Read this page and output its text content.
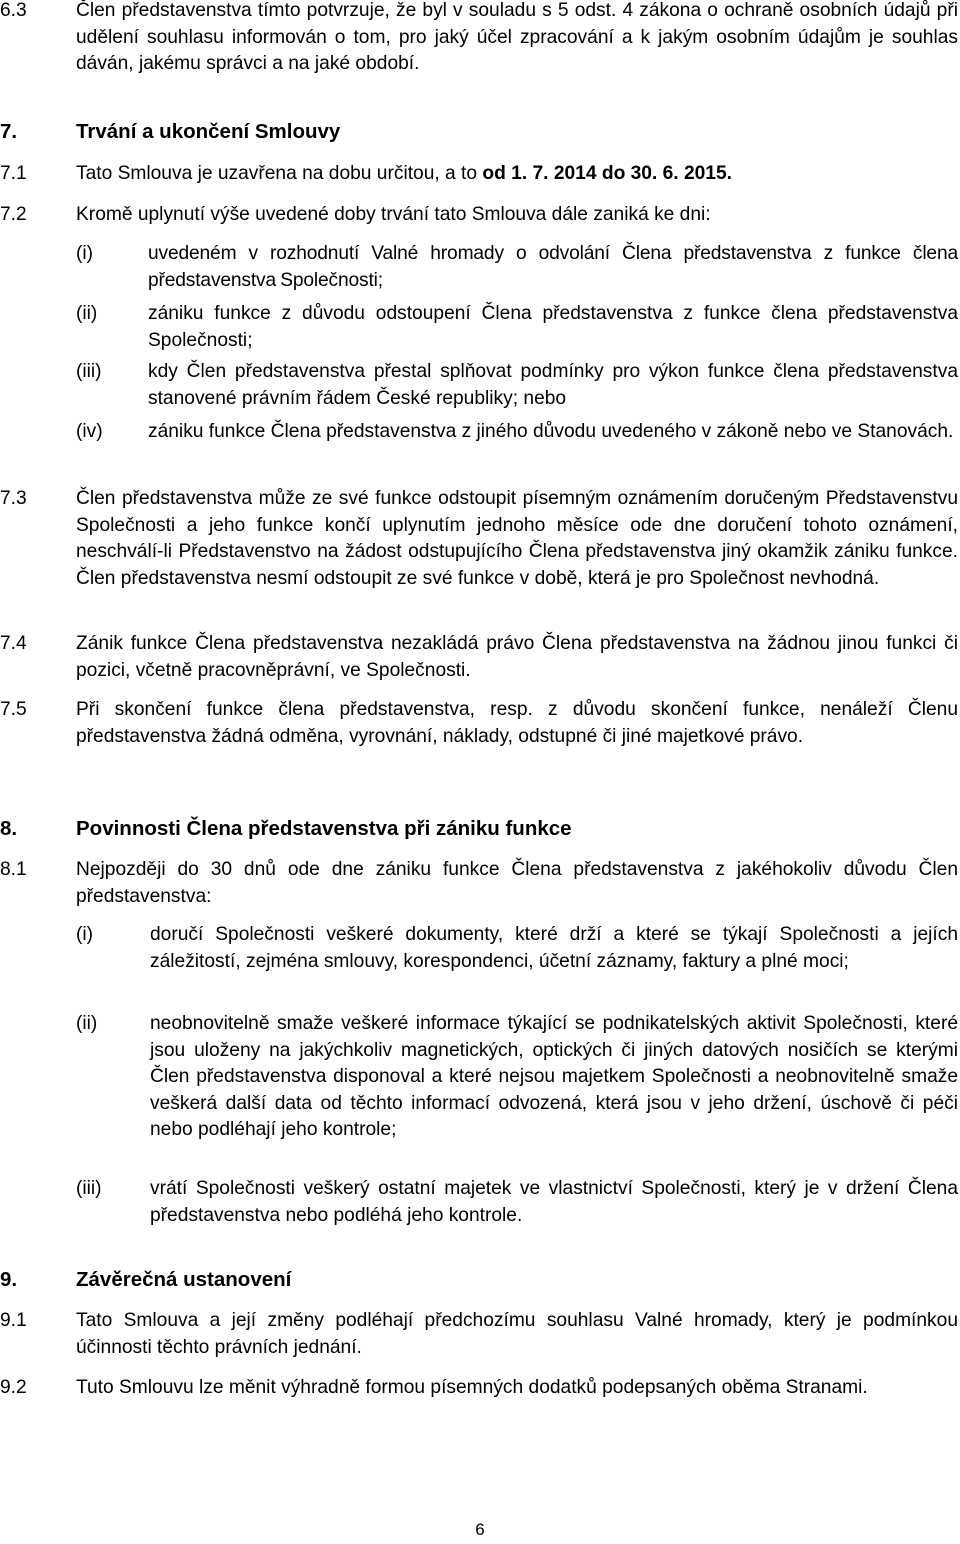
6.3	Člen představenstva tímto potvrzuje, že byl v souladu s 5 odst. 4 zákona o ochraně osobních údajů při udělení souhlasu informován o tom, pro jaký účel zpracování a k jakým osobním údajům je souhlas dáván, jakému správci a na jaké období.
7.	Trvání a ukončení Smlouvy
7.1	Tato Smlouva je uzavřena na dobu určitou, a to od 1. 7. 2014 do 30. 6. 2015.
7.2	Kromě uplynutí výše uvedené doby trvání tato Smlouva dále zaniká ke dni:
(i)	uvedeném v rozhodnutí Valné hromady o odvolání Člena představenstva z funkce člena představenstva Společnosti;
(ii)	zániku funkce z důvodu odstoupení Člena představenstva z funkce člena představenstva Společnosti;
(iii) kdy Člen představenstva přestal splňovat podmínky pro výkon funkce člena představenstva stanovené právním řádem České republiky; nebo
(iv) zániku funkce Člena představenstva z jiného důvodu uvedeného v zákoně nebo ve Stanovách.
7.3	Člen představenstva může ze své funkce odstoupit písemným oznámením doručeným Představenstvu Společnosti a jeho funkce končí uplynutím jednoho měsíce ode dne doručení tohoto oznámení, neschválí-li Představenstvo na žádost odstupujícího Člena představenstva jiný okamžik zániku funkce. Člen představenstva nesmí odstoupit ze své funkce v době, která je pro Společnost nevhodná.
7.4	Zánik funkce Člena představenstva nezakládá právo Člena představenstva na žádnou jinou funkci či pozici, včetně pracovněprávní, ve Společnosti.
7.5	Při skončení funkce člena představenstva, resp. z důvodu skončení funkce, nenáleží Členu představenstva žádná odměna, vyrovnání, náklady, odstupné či jiné majetkové právo.
8.	Povinnosti Člena představenstva při zániku funkce
8.1	Nejpozději do 30 dnů ode dne zániku funkce Člena představenstva z jakéhokoliv důvodu Člen představenstva:
(i)	doručí Společnosti veškeré dokumenty, které drží a které se týkají Společnosti a jejích záležitostí, zejména smlouvy, korespondenci, účetní záznamy, faktury a plné moci;
(ii)	neobnovitelně smaže veškeré informace týkající se podnikatelských aktivit Společnosti, které jsou uloženy na jakýchkoliv magnetických, optických či jiných datových nosičích se kterými Člen představenstva disponoval a které nejsou majetkem Společnosti a neobnovitelně smaže veškerá další data od těchto informací odvozená, která jsou v jeho držení, úschově či péči nebo podléhají jeho kontrole;
(iii)	vrátí Společnosti veškerý ostatní majetek ve vlastnictví Společnosti, který je v držení Člena představenstva nebo podléhá jeho kontrole.
9.	Závěrečná ustanovení
9.1	Tato Smlouva a její změny podléhají předchozímu souhlasu Valné hromady, který je podmínkou účinnosti těchto právních jednání.
9.2	Tuto Smlouvu lze měnit výhradně formou písemných dodatků podepsaných oběma Stranami.
6
